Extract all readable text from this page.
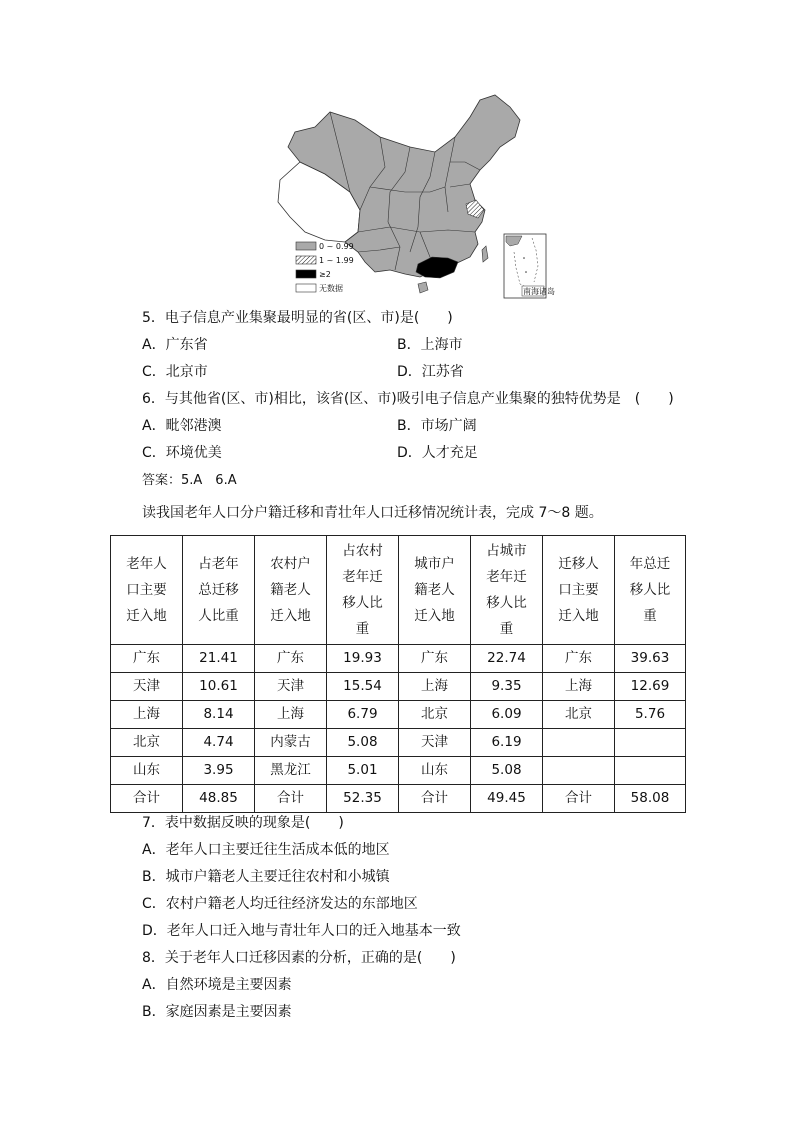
南海诸岛
0 ~ 0.99
1 ~ 1.99
≥2
无数据
5．电子信息产业集聚最明显的省(区、市)是(　　)
A．广东省	B．上海市
C．北京市	D．江苏省
6．与其他省(区、市)相比，该省(区、市)吸引电子信息产业集聚的独特优势是　(　　)
A．毗邻港澳	B．市场广阔
C．环境优美	D．人才充足
答案：5.A　6.A
读我国老年人口分户籍迁移和青壮年人口迁移情况统计表，完成 7～8 题。
老年人口主要迁入地	占老年总迁移人比重	农村户籍老人迁入地	占农村老年迁移人比重	城市户籍老人迁入地	占城市老年迁移人比重	迁移人口主要迁入地	年总迁移人比重
广东	21.41	广东	19.93	广东	22.74	广东	39.63
天津	10.61	天津	15.54	上海	9.35	上海	12.69
上海	8.14	上海	6.79	北京	6.09	北京	5.76
北京	4.74	内蒙古	5.08	天津	6.19		
山东	3.95	黑龙江	5.01	山东	5.08		
合计	48.85	合计	52.35	合计	49.45	合计	58.08
7．表中数据反映的现象是(　　)
A．老年人口主要迁往生活成本低的地区
B．城市户籍老人主要迁往农村和小城镇
C．农村户籍老人均迁往经济发达的东部地区
D．老年人口迁入地与青壮年人口的迁入地基本一致
8．关于老年人口迁移因素的分析，正确的是(　　)
A．自然环境是主要因素
B．家庭因素是主要因素
